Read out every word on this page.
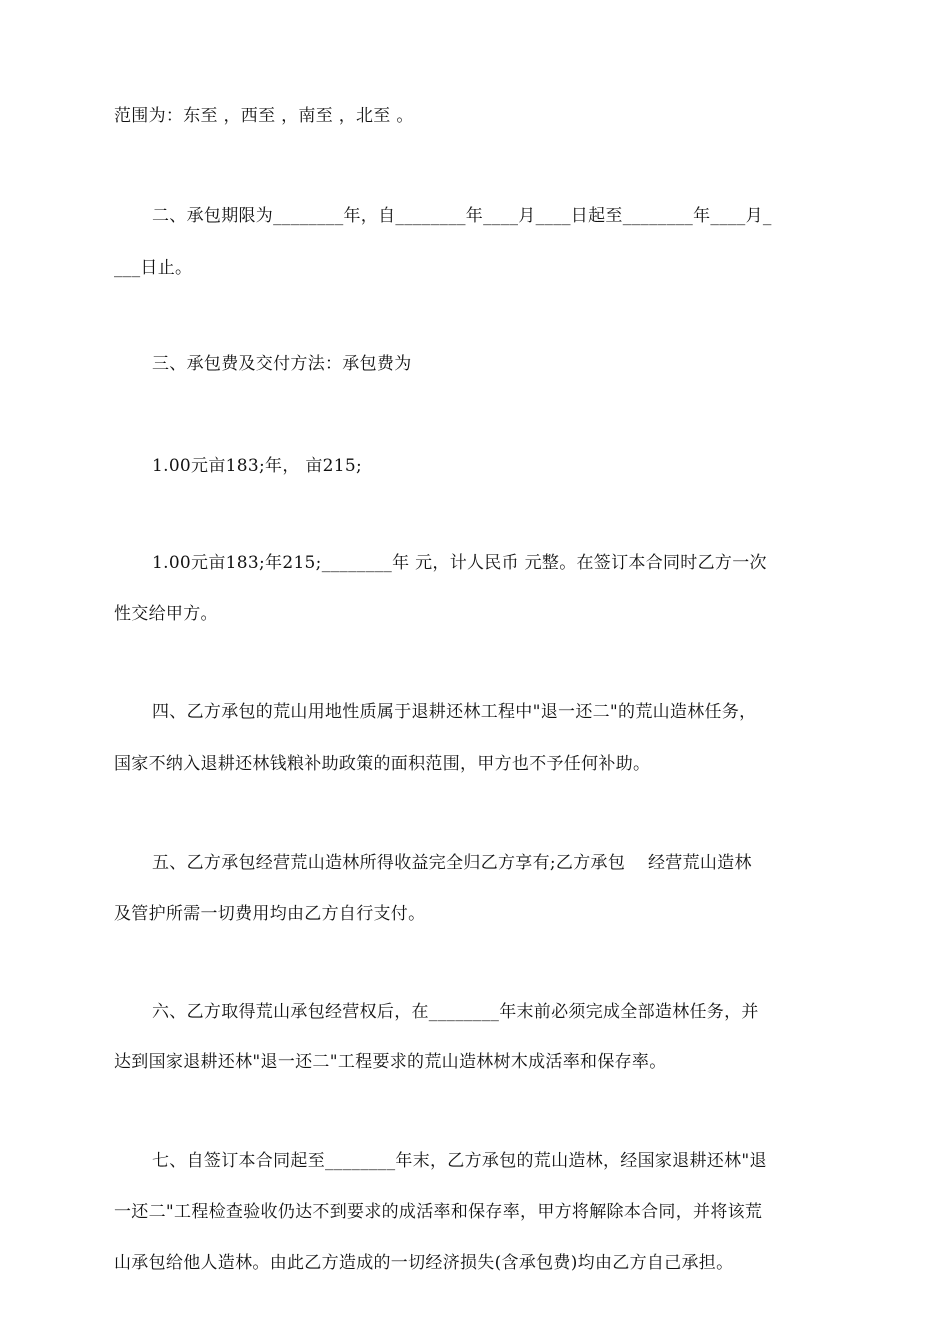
范围为：东至 ，西至 ，南至 ，北至 。
二、承包期限为________年，自________年____月____日起至________年____月_
___日止。
三、承包费及交付方法：承包费为
1.00元亩183;年， 亩215;
1.00元亩183;年215;________年 元，计人民币 元整。在签订本合同时乙方一次
性交给甲方。
四、乙方承包的荒山用地性质属于退耕还林工程中"退一还二"的荒山造林任务，
国家不纳入退耕还林钱粮补助政策的面积范围，甲方也不予任何补助。
五、乙方承包经营荒山造林所得收益完全归乙方享有;乙方承包    经营荒山造林
及管护所需一切费用均由乙方自行支付。
六、乙方取得荒山承包经营权后，在________年末前必须完成全部造林任务，并
达到国家退耕还林"退一还二"工程要求的荒山造林树木成活率和保存率。
七、自签订本合同起至________年末，乙方承包的荒山造林，经国家退耕还林"退
一还二"工程检查验收仍达不到要求的成活率和保存率，甲方将解除本合同，并将该荒
山承包给他人造林。由此乙方造成的一切经济损失(含承包费)均由乙方自己承担。
